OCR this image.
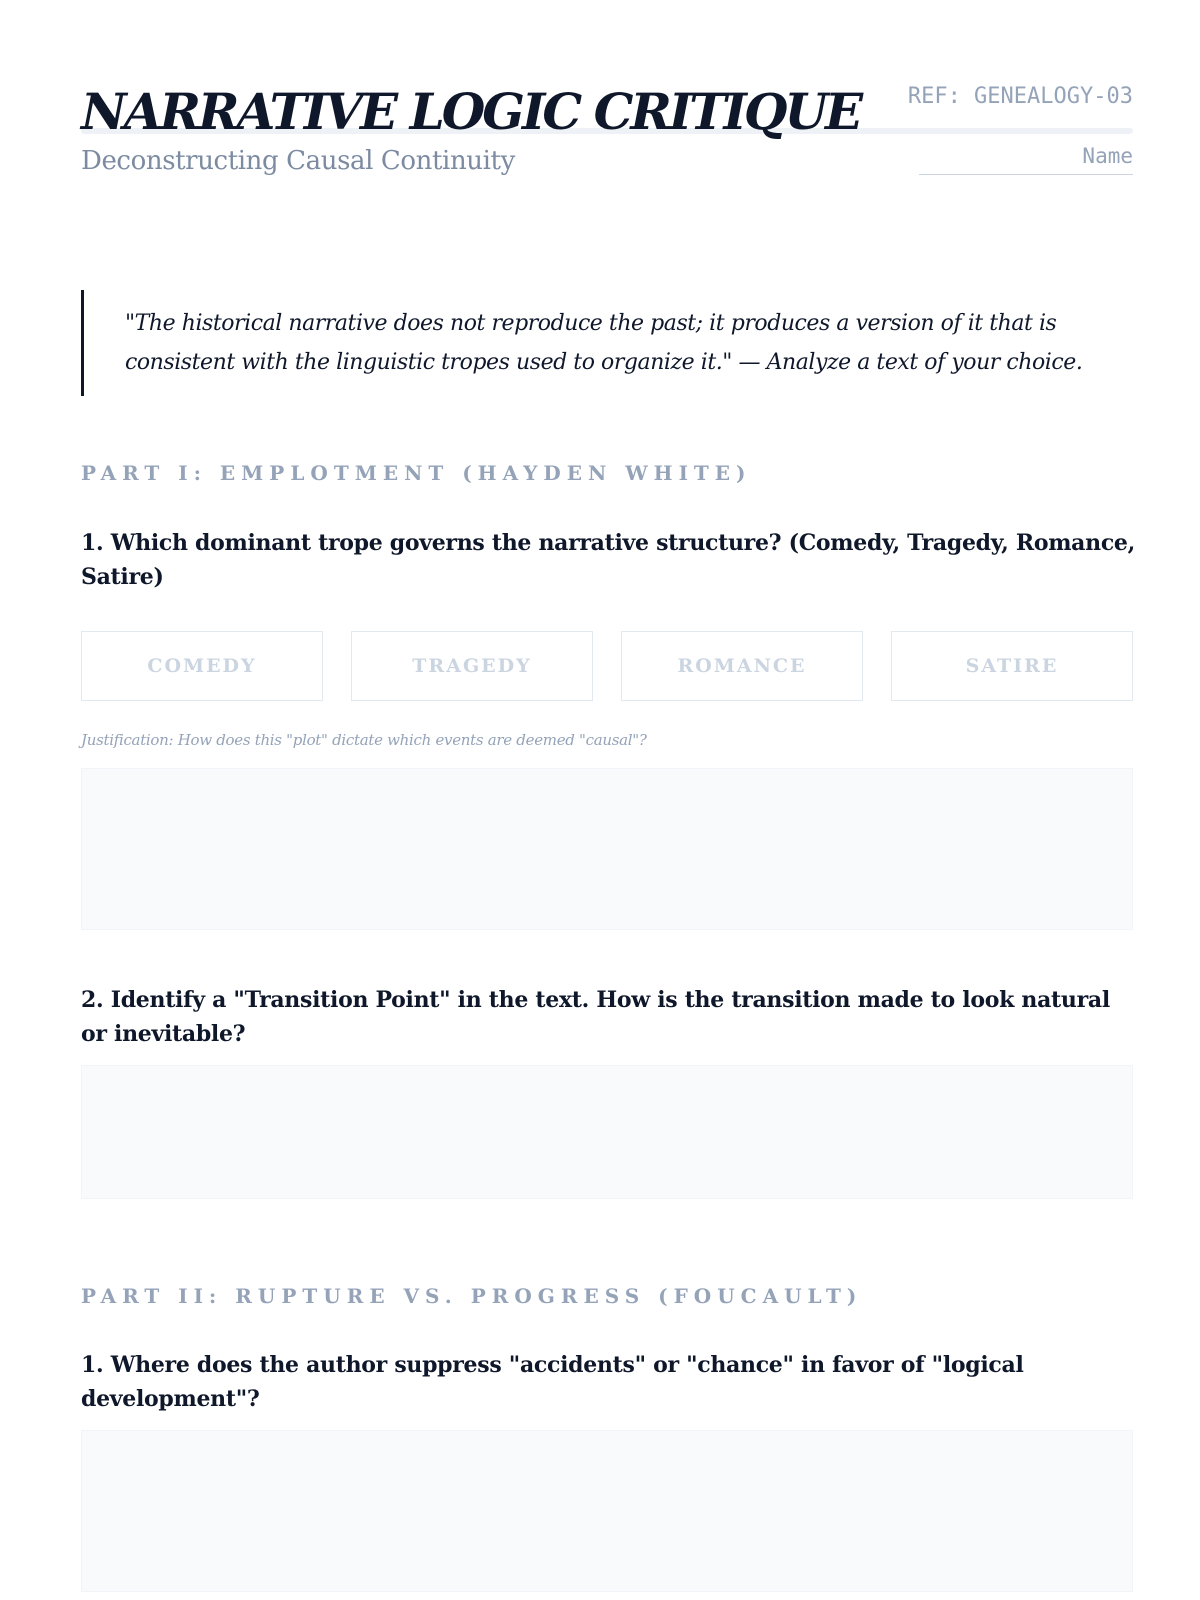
NARRATIVE LOGIC CRITIQUE
Deconstructing Causal Continuity
REF: GENEALOGY-03
Name

"The historical narrative does not reproduce the past; it produces a version of it that is consistent with the linguistic tropes used to organize it." — Analyze a text of your choice.

PART I: EMPLOTMENT (HAYDEN WHITE)

1. Which dominant trope governs the narrative structure? (Comedy, Tragedy, Romance, Satire)

COMEDY	TRAGEDY	ROMANCE	SATIRE
Justification: How does this "plot" dictate which events are deemed "causal"?

2. Identify a "Transition Point" in the text. How is the transition made to look natural or inevitable?

PART II: RUPTURE VS. PROGRESS (FOUCAULT)

1. Where does the author suppress "accidents" or "chance" in favor of "logical development"?
